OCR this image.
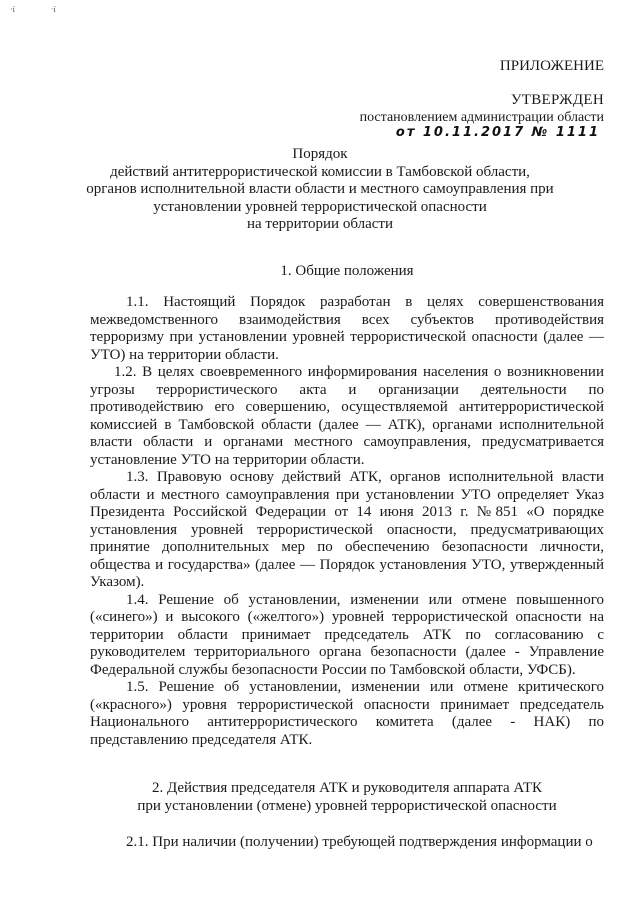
·í	·í
ПРИЛОЖЕНИЕ
УТВЕРЖДЕН
постановлением администрации области
от 10.11.2017 № 1111
Порядок
действий антитеррористической комиссии в Тамбовской области,
органов исполнительной власти области и местного самоуправления при
установлении уровней террористической опасности
на территории области
1. Общие положения

1.1. Настоящий Порядок разработан в целях совершенствования межведомственного взаимодействия всех субъектов противодействия терроризму при установлении уровней террористической опасности (далее — УТО) на территории области.

1.2. В целях своевременного информирования населения о возникновении угрозы террористического акта и организации деятельности по противодействию его совершению, осуществляемой антитеррористической комиссией в Тамбовской области (далее — АТК), органами исполнительной власти области и органами местного самоуправления, предусматривается установление УТО на территории области.

1.3. Правовую основу действий АТК, органов исполнительной власти области и местного самоуправления при установлении УТО определяет Указ Президента Российской Федерации от 14 июня 2013 г. №851 «О порядке установления уровней террористической опасности, предусматривающих принятие дополнительных мер по обеспечению безопасности личности, общества и государства» (далее — Порядок установления УТО, утвержденный Указом).

1.4. Решение об установлении, изменении или отмене повышенного («синего») и высокого («желтого») уровней террористической опасности на территории области принимает председатель АТК по согласованию с руководителем территориального органа безопасности (далее - Управление Федеральной службы безопасности России по Тамбовской области, УФСБ).

1.5. Решение об установлении, изменении или отмене критического («красного») уровня террористической опасности принимает председатель Национального антитеррористического комитета (далее - НАК) по представлению председателя АТК.

2. Действия председателя АТК и руководителя аппарата АТК
при установлении (отмене) уровней террористической опасности

2.1. При наличии (получении) требующей подтверждения информации о
